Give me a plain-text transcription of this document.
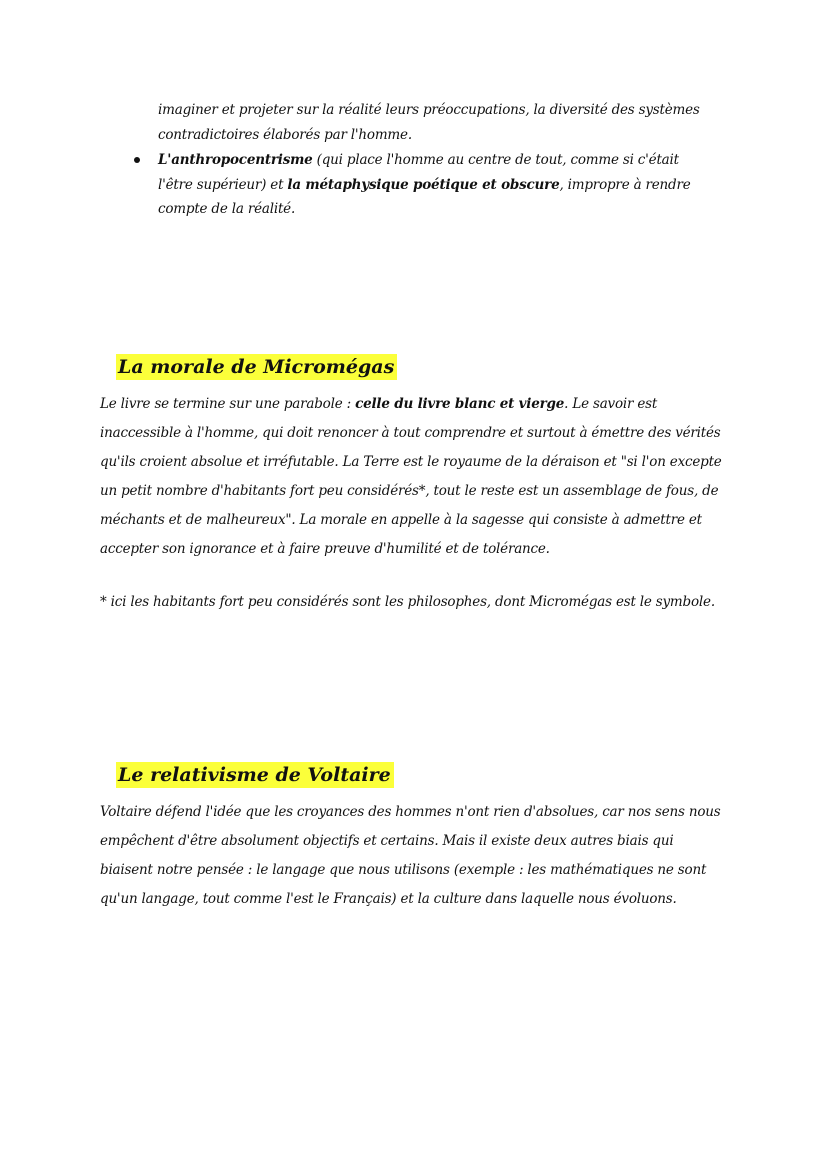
imaginer et projeter sur la réalité leurs préoccupations, la diversité des systèmes contradictoires élaborés par l'homme.
L'anthropocentrisme (qui place l'homme au centre de tout, comme si c'était l'être supérieur) et la métaphysique poétique et obscure, impropre à rendre compte de la réalité.
La morale de Micromégas
Le livre se termine sur une parabole : celle du livre blanc et vierge. Le savoir est inaccessible à l'homme, qui doit renoncer à tout comprendre et surtout à émettre des vérités qu'ils croient absolue et irréfutable. La Terre est le royaume de la déraison et "si l'on excepte un petit nombre d'habitants fort peu considérés*, tout le reste est un assemblage de fous, de méchants et de malheureux". La morale en appelle à la sagesse qui consiste à admettre et accepter son ignorance et à faire preuve d'humilité et de tolérance.
* ici les habitants fort peu considérés sont les philosophes, dont Micromégas est le symbole.
Le relativisme de Voltaire
Voltaire défend l'idée que les croyances des hommes n'ont rien d'absolues, car nos sens nous empêchent d'être absolument objectifs et certains. Mais il existe deux autres biais qui biaisent notre pensée : le langage que nous utilisons (exemple : les mathématiques ne sont qu'un langage, tout comme l'est le Français) et la culture dans laquelle nous évoluons.
